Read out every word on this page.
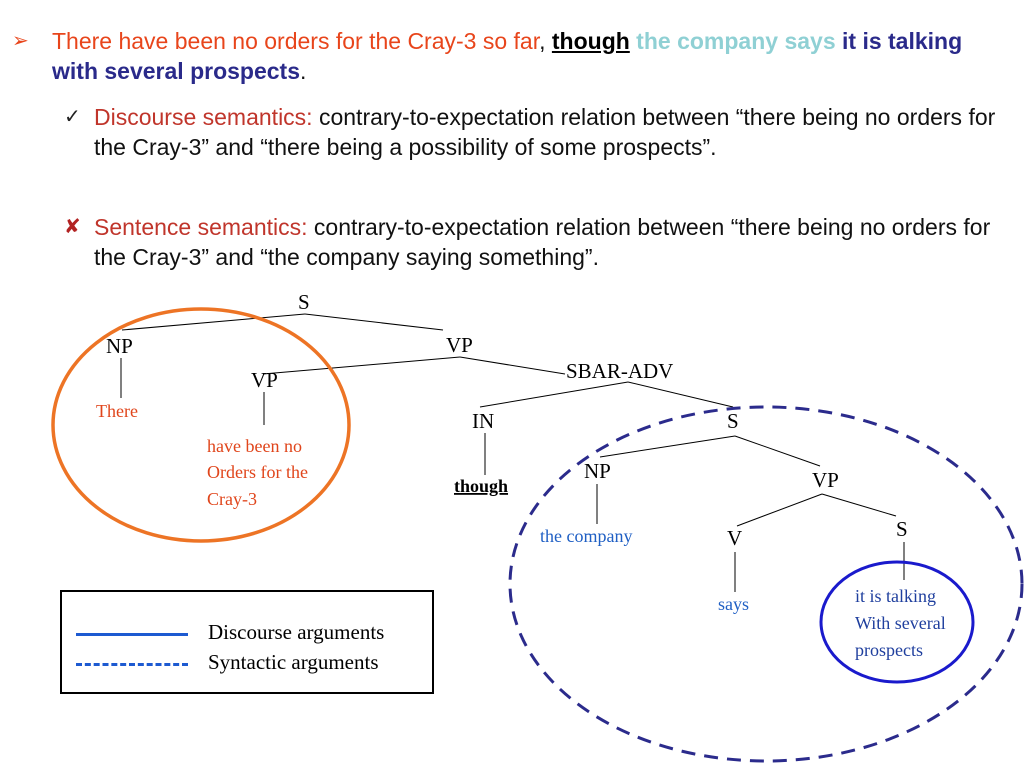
➢ There have been no orders for the Cray-3 so far, though the company says it is talking with several prospects.
✓ Discourse semantics: contrary-to-expectation relation between “there being no orders for the Cray-3” and “there being a possibility of some prospects”.
✘ Sentence semantics: contrary-to-expectation relation between “there being no orders for the Cray-3” and “the company saying something”.
S
NP	VP
VP	SBAR-ADV
IN	S
NP	VP
V	S
There
have been no
Orders for the
Cray-3
though
the company
says	it is talking
With several
prospects
Discourse arguments
Syntactic arguments
